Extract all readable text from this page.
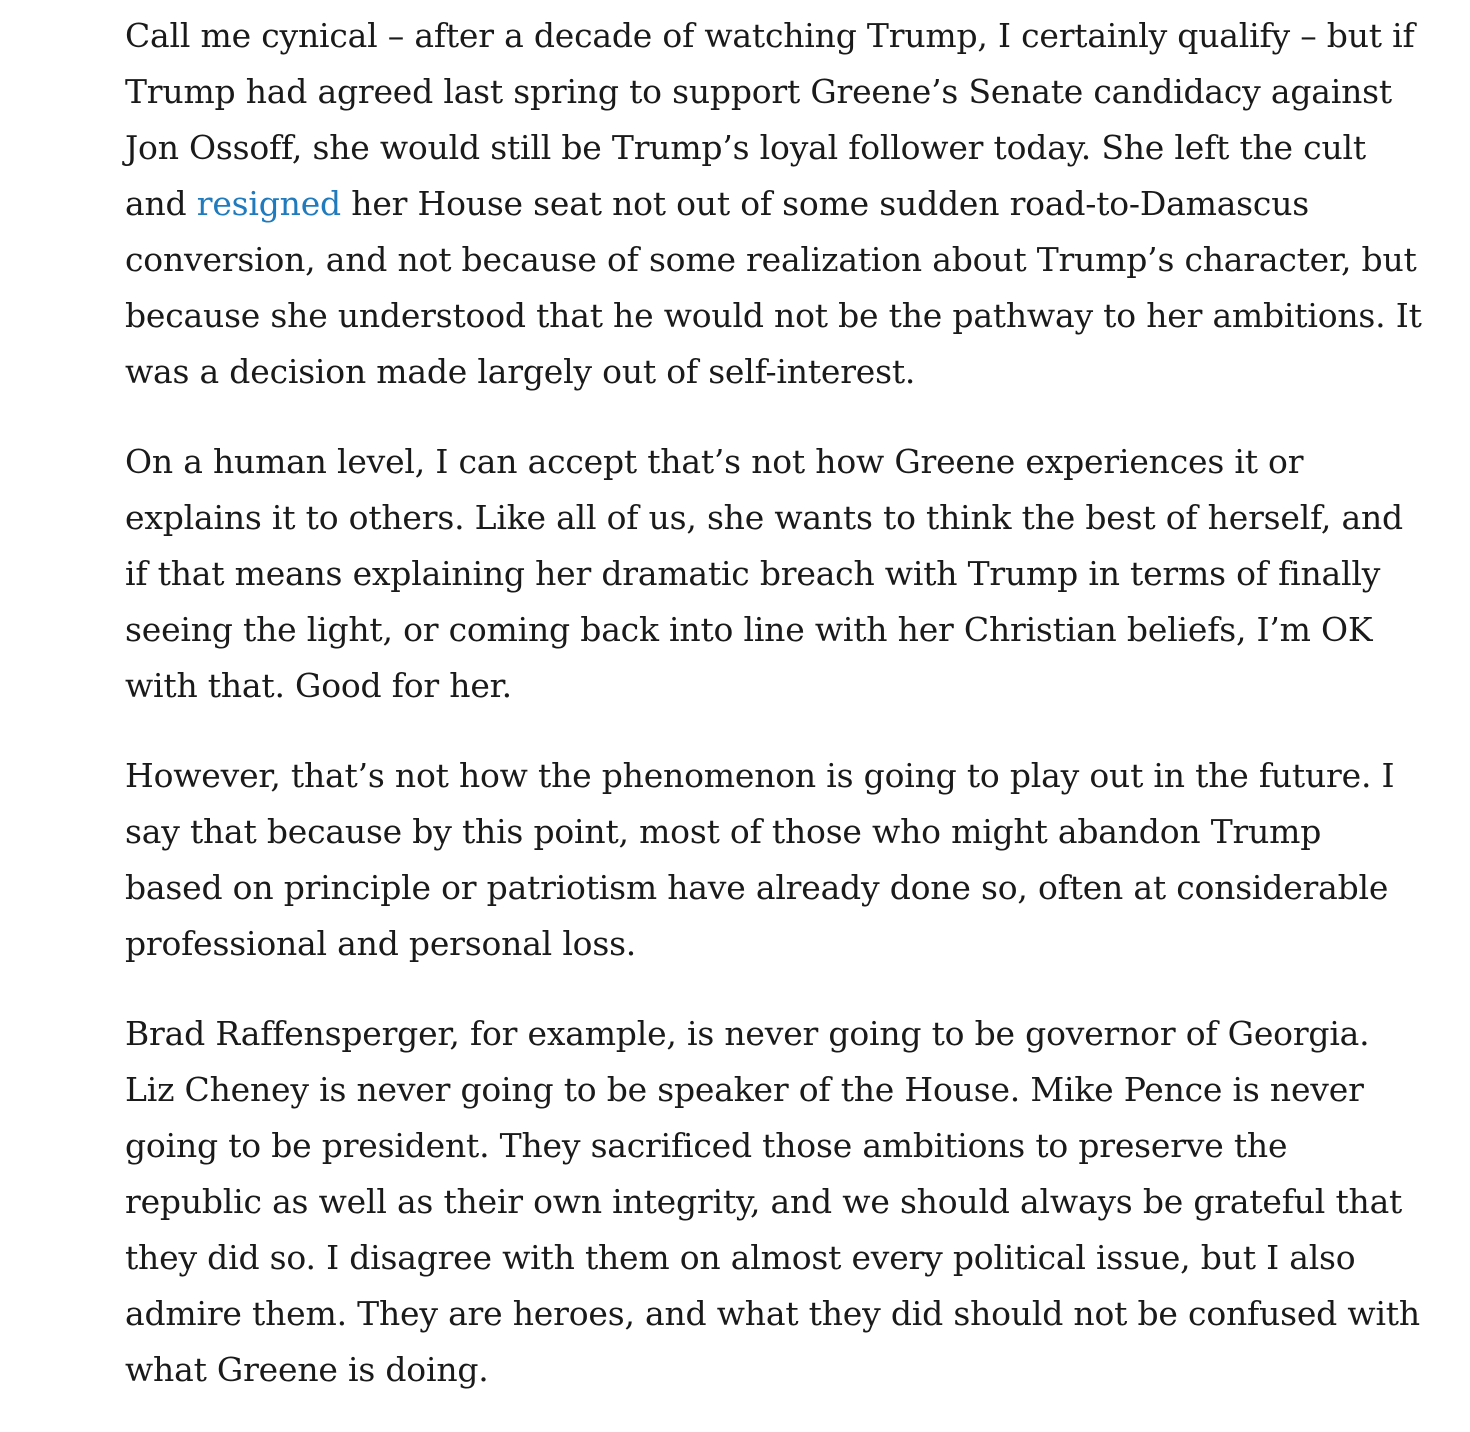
Call me cynical – after a decade of watching Trump, I certainly qualify – but if Trump had agreed last spring to support Greene’s Senate candidacy against Jon Ossoff, she would still be Trump’s loyal follower today. She left the cult and resigned her House seat not out of some sudden road-to-Damascus conversion, and not because of some realization about Trump’s character, but because she understood that he would not be the pathway to her ambitions. It was a decision made largely out of self-interest.

On a human level, I can accept that’s not how Greene experiences it or explains it to others. Like all of us, she wants to think the best of herself, and if that means explaining her dramatic breach with Trump in terms of finally seeing the light, or coming back into line with her Christian beliefs, I’m OK with that. Good for her.

However, that’s not how the phenomenon is going to play out in the future. I say that because by this point, most of those who might abandon Trump based on principle or patriotism have already done so, often at considerable professional and personal loss.

Brad Raffensperger, for example, is never going to be governor of Georgia. Liz Cheney is never going to be speaker of the House. Mike Pence is never going to be president. They sacrificed those ambitions to preserve the republic as well as their own integrity, and we should always be grateful that they did so. I disagree with them on almost every political issue, but I also admire them. They are heroes, and what they did should not be confused with what Greene is doing.
